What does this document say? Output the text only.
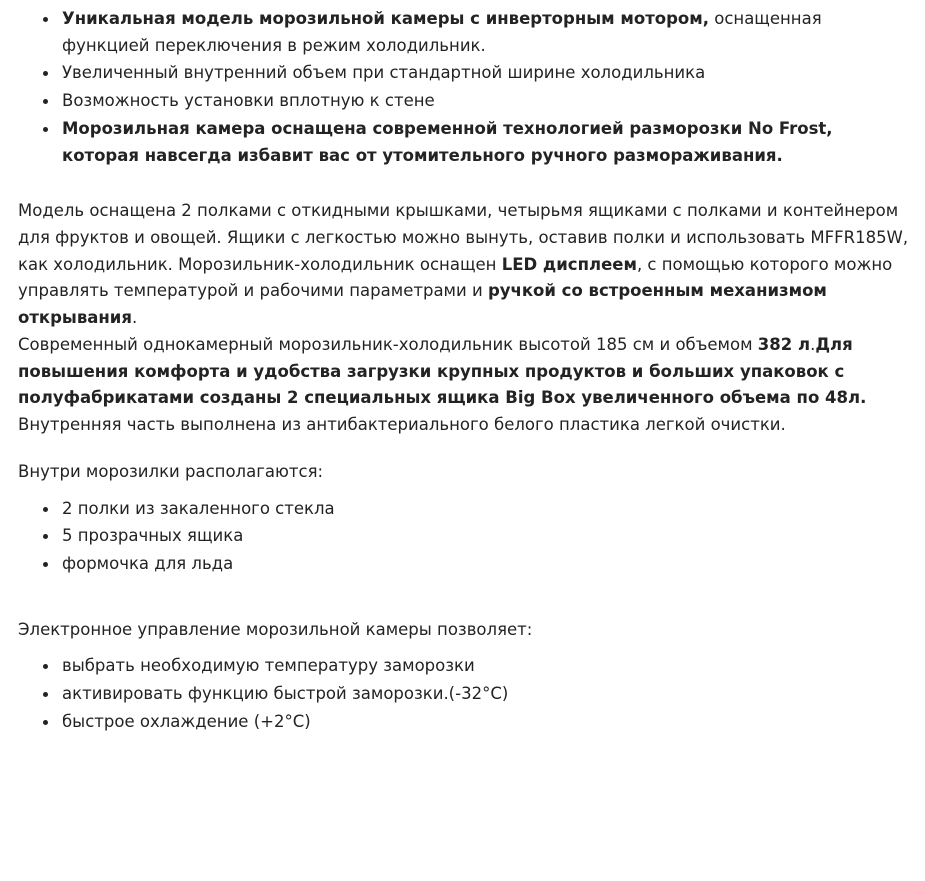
Уникальная модель морозильной камеры с инверторным мотором, оснащенная функцией переключения в режим холодильник.
Увеличенный внутренний объем при стандартной ширине холодильника
Возможность установки вплотную к стене
Морозильная камера оснащена современной технологией разморозки No Frost, которая навсегда избавит вас от утомительного ручного размораживания.

Модель оснащена 2 полками с откидными крышками, четырьмя ящиками с полками и контейнером для фруктов и овощей. Ящики с легкостью можно вынуть, оставив полки и использовать MFFR185W, как холодильник. Морозильник-холодильник оснащен LED дисплеем, с помощью которого можно управлять температурой и рабочими параметрами и ручкой со встроенным механизмом открывания.

Современный однокамерный морозильник-холодильник высотой 185 см и объемом 382 л.Для повышения комфорта и удобства загрузки крупных продуктов и больших упаковок с полуфабрикатами созданы 2 специальных ящика Big Box увеличенного объема по 48л.

Внутренняя часть выполнена из антибактериального белого пластика легкой очистки.

Внутри морозилки располагаются:

2 полки из закаленного стекла
5 прозрачных ящика
формочка для льда

Электронное управление морозильной камеры позволяет:

выбрать необходимую температуру заморозки
активировать функцию быстрой заморозки.(-32°C)
быстрое охлаждение (+2°C)
